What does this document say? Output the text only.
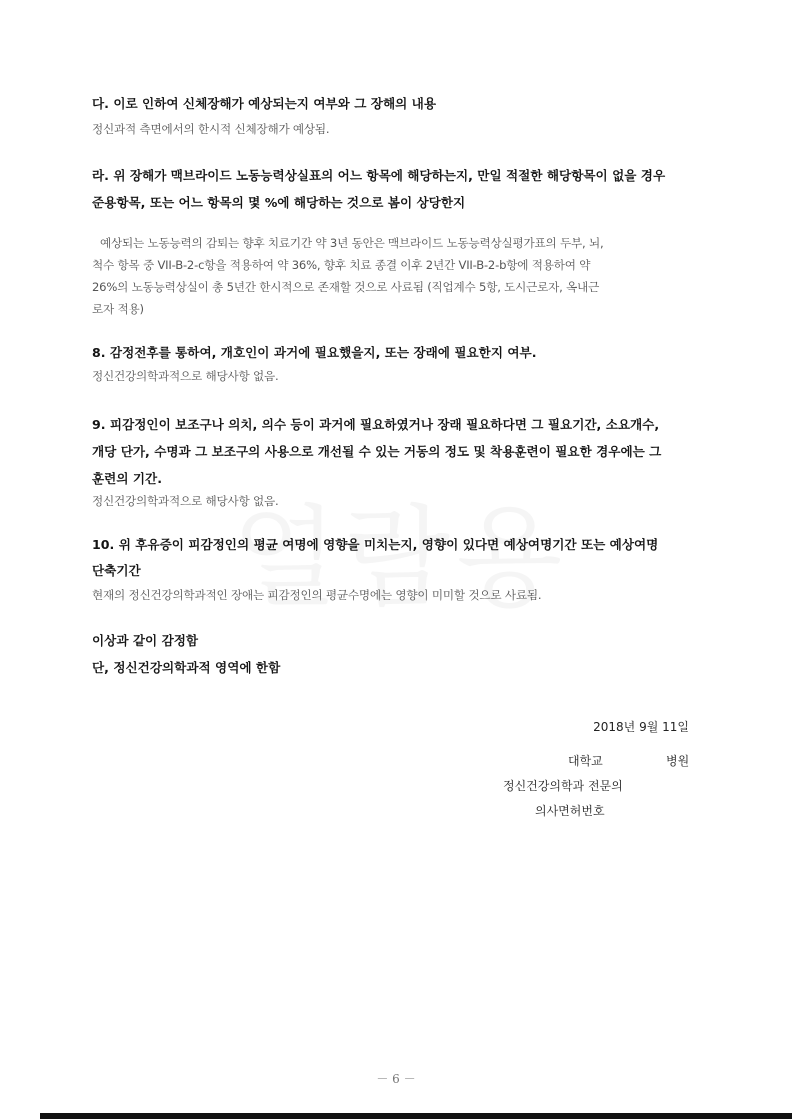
다. 이로 인하여 신체장해가 예상되는지 여부와 그 장해의 내용

정신과적 측면에서의 한시적 신체장해가 예상됨.

라. 위 장해가 맥브라이드 노동능력상실표의 어느 항목에 해당하는지, 만일 적절한 해당항목이 없을 경우

준용항목, 또는 어느 항목의 몇 %에 해당하는 것으로 봄이 상당한지

예상되는 노동능력의 감퇴는 향후 치료기간 약 3년 동안은 맥브라이드 노동능력상실평가표의 두부, 뇌,

척수 항목 중 VII-B-2-c항을 적용하여 약 36%, 향후 치료 종결 이후 2년간 VII-B-2-b항에 적용하여 약

26%의 노동능력상실이 총 5년간 한시적으로 존재할 것으로 사료됨 (직업계수 5항, 도시근로자, 옥내근

로자 적용)

8. 감정전후를 통하여, 개호인이 과거에 필요했을지, 또는 장래에 필요한지 여부.

정신건강의학과적으로 해당사항 없음.

9. 피감정인이 보조구나 의치, 의수 등이 과거에 필요하였거나 장래 필요하다면 그 필요기간, 소요개수,

개당 단가, 수명과 그 보조구의 사용으로 개선될 수 있는 거동의 정도 및 착용훈련이 필요한 경우에는 그

훈련의 기간.

정신건강의학과적으로 해당사항 없음.

10. 위 후유증이 피감정인의 평균 여명에 영향을 미치는지, 영향이 있다면 예상여명기간 또는 예상여명

단축기간

현재의 정신건강의학과적인 장애는 피감정인의 평균수명에는 영향이 미미할 것으로 사료됨.

이상과 같이 감정함

단, 정신건강의학과적 영역에 한함

2018년 9월 11일
대학교	병원
정신건강의학과 전문의
의사면허번호
－ 6 －
